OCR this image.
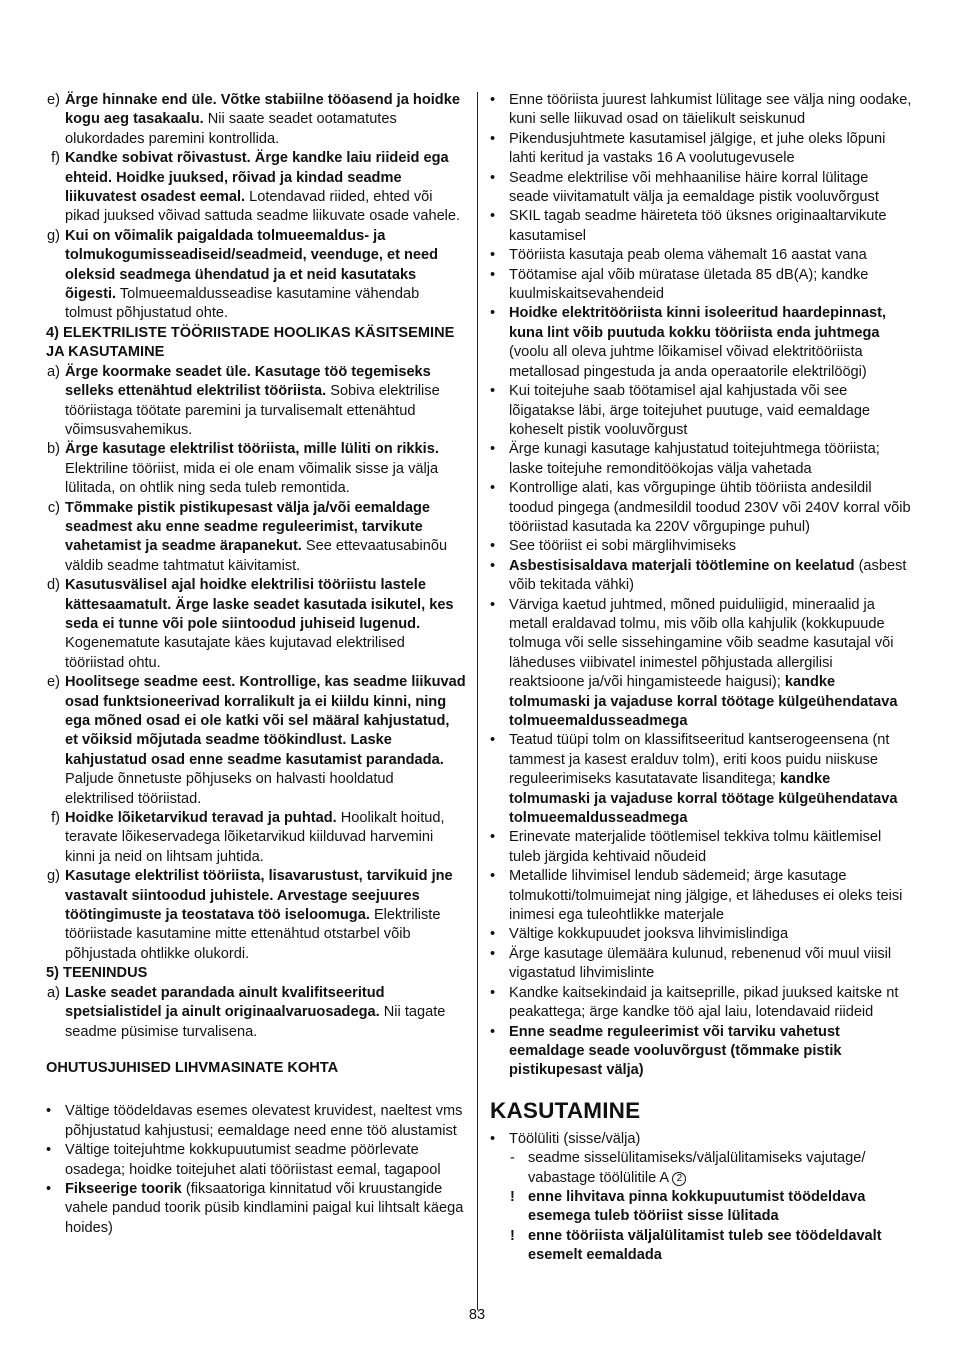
e) Ärge hinnake end üle. Võtke stabiilne tööasend ja hoidke kogu aeg tasakaalu. Nii saate seadet ootamatutes olukordades paremini kontrollida.
f) Kandke sobivat rõivastust. Ärge kandke laiu riideid ega ehteid. Hoidke juuksed, rõivad ja kindad seadme liikuvatest osadest eemal. Lotendavad riided, ehted või pikad juuksed võivad sattuda seadme liikuvate osade vahele.
g) Kui on võimalik paigaldada tolmueemaldus- ja tolmukogumisseadiseid/seadmeid, veenduge, et need oleksid seadmega ühendatud ja et neid kasutataks õigesti. Tolmueemaldusseadise kasutamine vähendab tolmust põhjustatud ohte.
4) ELEKTRILISTE TÖÖRIISTADE HOOLIKAS KÄSITSEMINE JA KASUTAMINE
a) Ärge koormake seadet üle. Kasutage töö tegemiseks selleks ettenähtud elektrilist tööriista. Sobiva elektrilise tööriistaga töötate paremini ja turvalisemalt ettenähtud võimsusvahemikus.
b) Ärge kasutage elektrilist tööriista, mille lüliti on rikkis. Elektriline tööriist, mida ei ole enam võimalik sisse ja välja lülitada, on ohtlik ning seda tuleb remontida.
c) Tõmmake pistik pistikupesast välja ja/või eemaldage seadmest aku enne seadme reguleerimist, tarvikute vahetamist ja seadme ärapanekut. See ettevaatusabinõu väldib seadme tahtmatut käivitamist.
d) Kasutusvälisel ajal hoidke elektrilisi tööriistu lastele kättesaamatult. Ärge laske seadet kasutada isikutel, kes seda ei tunne või pole siintoodud juhiseid lugenud. Kogenematute kasutajate käes kujutavad elektrilised tööriistad ohtu.
e) Hoolitsege seadme eest. Kontrollige, kas seadme liikuvad osad funktsioneerivad korralikult ja ei kiildu kinni, ning ega mõned osad ei ole katki või sel määral kahjustatud, et võiksid mõjutada seadme töökindlust. Laske kahjustatud osad enne seadme kasutamist parandada. Paljude õnnetuste põhjuseks on halvasti hooldatud elektrilised tööriistad.
f) Hoidke lõiketarvikud teravad ja puhtad. Hoolikalt hoitud, teravate lõikeservadega lõiketarvikud kiilduvad harvemini kinni ja neid on lihtsam juhtida.
g) Kasutage elektrilist tööriista, lisavarustust, tarvikuid jne vastavalt siintoodud juhistele. Arvestage seejuures töötingimuste ja teostatava töö iseloomuga. Elektriliste tööriistade kasutamine mitte ettenähtud otstarbel võib põhjustada ohtlikke olukordi.
5) TEENINDUS
a) Laske seadet parandada ainult kvalifitseeritud spetsialistidel ja ainult originaalvaruosadega. Nii tagate seadme püsimise turvalisena.
OHUTUSJUHISED LIHVMASINATE KOHTA
• Vältige töödeldavas esemes olevatest kruvidest, naeltest vms põhjustatud kahjustusi; eemaldage need enne töö alustamist
• Vältige toitejuhtme kokkupuutumist seadme pöörlevate osadega; hoidke toitejuhet alati tööriistast eemal, tagapool
• Fikseerige toorik (fiksaatoriga kinnitatud või kruustangide vahele pandud toorik püsib kindlamini paigal kui lihtsalt käega hoides)
• Enne tööriista juurest lahkumist lülitage see välja ning oodake, kuni selle liikuvad osad on täielikult seiskunud
• Pikendusjuhtmete kasutamisel jälgige, et juhe oleks lõpuni lahti keritud ja vastaks 16 A voolutugevusele
• Seadme elektrilise või mehhaanilise häire korral lülitage seade viivitamatult välja ja eemaldage pistik vooluvõrgust
• SKIL tagab seadme häireteta töö üksnes originaaltarvikute kasutamisel
• Tööriista kasutaja peab olema vähemalt 16 aastat vana
• Töötamise ajal võib müratase ületada 85 dB(A); kandke kuulmiskaitsevahendeid
• Hoidke elektritööriista kinni isoleeritud haardepinnast, kuna lint võib puutuda kokku tööriista enda juhtmega (voolu all oleva juhtme lõikamisel võivad elektritööriista metallosad pingestuda ja anda operaatorile elektrilöögi)
• Kui toitejuhe saab töötamisel ajal kahjustada või see lõigatakse läbi, ärge toitejuhet puutuge, vaid eemaldage koheselt pistik vooluvõrgust
• Ärge kunagi kasutage kahjustatud toitejuhtmega tööriista; laske toitejuhe remonditöökojas välja vahetada
• Kontrollige alati, kas võrgupinge ühtib tööriista andesildil toodud pingega (andmesildil toodud 230V või 240V korral võib tööriistad kasutada ka 220V võrgupinge puhul)
• See tööriist ei sobi märglihvimiseks
• Asbestisisaldava materjali töötlemine on keelatud (asbest võib tekitada vähki)
• Värviga kaetud juhtmed, mõned puiduliigid, mineraalid ja metall eraldavad tolmu, mis võib olla kahjulik (kokkupuude tolmuga või selle sissehingamine võib seadme kasutajal või läheduses viibivatel inimestel põhjustada allergilisi reaktsioone ja/või hingamisteede haigusi); kandke tolmumaski ja vajaduse korral töötage külgeühendatava tolmueemaldusseadmega
• Teatud tüüpi tolm on klassifitseeritud kantserogeensena (nt tammest ja kasest eralduv tolm), eriti koos puidu niiskuse reguleerimiseks kasutatavate lisanditega; kandke tolmumaski ja vajaduse korral töötage külgeühendatava tolmueemaldusseadmega
• Erinevate materjalide töötlemisel tekkiva tolmu käitlemisel tuleb järgida kehtivaid nõudeid
• Metallide lihvimisel lendub sädemeid; ärge kasutage tolmukotti/tolmuimejat ning jälgige, et läheduses ei oleks teisi inimesi ega tuleohtlikke materjale
• Vältige kokkupuudet jooksva lihvimislindiga
• Ärge kasutage ülemäära kulunud, rebenenud või muul viisil vigastatud lihvimislinte
• Kandke kaitsekindaid ja kaitseprille, pikad juuksed kaitske nt peakattega; ärge kandke töö ajal laiu, lotendavaid riideid
• Enne seadme reguleerimist või tarviku vahetust eemaldage seade vooluvõrgust (tõmmake pistik pistikupesast välja)
KASUTAMINE
• Töölüliti (sisse/välja)
- seadme sisselülitamiseks/väljalülitamiseks vajutage/ vabastage töölülitile A 2
! enne lihvitava pinna kokkupuutumist töödeldava esemega tuleb tööriist sisse lülitada
! enne tööriista väljalülitamist tuleb see töödeldavalt esemelt eemaldada
83
